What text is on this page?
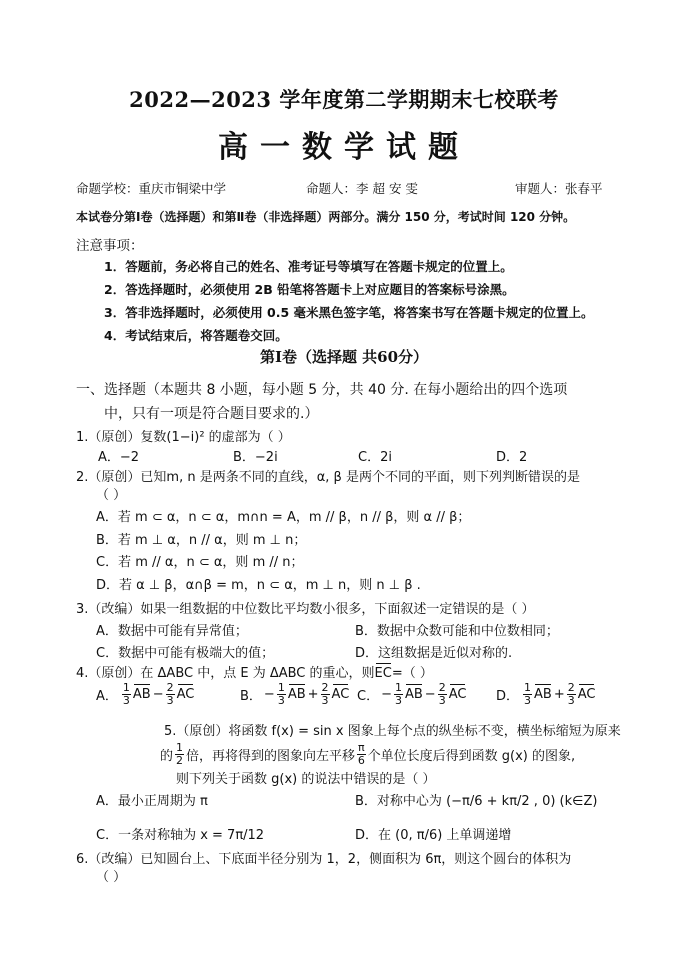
2022—2023 学年度第二学期期末七校联考
高一数学试题
命题学校：重庆市铜梁中学	命题人：李 超 安 雯	审题人：张春平
本试卷分第Ⅰ卷（选择题）和第Ⅱ卷（非选择题）两部分。满分 150 分，考试时间 120 分钟。
注意事项：
1．答题前，务必将自己的姓名、准考证号等填写在答题卡规定的位置上。
2．答选择题时，必须使用 2B 铅笔将答题卡上对应题目的答案标号涂黑。
3．答非选择题时，必须使用 0.5 毫米黑色签字笔，将答案书写在答题卡规定的位置上。
4．考试结束后，将答题卷交回。
第Ⅰ卷（选择题 共60分）
一、选择题（本题共 8 小题，每小题 5 分，共 40 分. 在每小题给出的四个选项
中，只有一项是符合题目要求的.）
1.（原创）复数(1−i)² 的虚部为（ ）
A．−2	B．−2i	C．2i	D．2
2.（原创）已知m, n 是两条不同的直线，α, β 是两个不同的平面，则下列判断错误的是
（ ）
A．若 m ⊂ α，n ⊂ α，m∩n = A，m // β，n // β，则 α // β；
B．若 m ⊥ α，n // α，则 m ⊥ n；
C．若 m // α，n ⊂ α，则 m // n；
D．若 α ⊥ β，α∩β = m，n ⊂ α，m ⊥ n，则 n ⊥ β .
3.（改编）如果一组数据的中位数比平均数小很多，下面叙述一定错误的是（ ）
A．数据中可能有异常值；	B．数据中众数可能和中位数相同；
C．数据中可能有极端大的值；	D．这组数据是近似对称的.
4.（原创）在 ΔABC 中，点 E 为 ΔABC 的重心，则EC=（ ）
A． $\frac{1}{3}$ AB − $\frac{2}{3}$ AC	B． − $\frac{1}{3}$ AB + $\frac{2}{3}$ AC C． − $\frac{1}{3}$ AB − $\frac{2}{3}$ AC D． $\frac{1}{3}$ AB + $\frac{2}{3}$ AC
5.（原创）将函数 f(x) = sin x 图象上每个点的纵坐标不变，横坐标缩短为原来
的 $\frac{1}{2}$ 倍，再将得到的图象向左平移 $\frac{\pi}{6}$ 个单位长度后得到函数 g(x) 的图象,
则下列关于函数 g(x) 的说法中错误的是（ ）
A．最小正周期为 π	B．对称中心为 (−π/6 + kπ/2 , 0) (k∈Z)
C．一条对称轴为 x = 7π/12	D．在 (0, π/6) 上单调递增
6.（改编）已知圆台上、下底面半径分别为 1，2，侧面积为 6π，则这个圆台的体积为
（ ）
